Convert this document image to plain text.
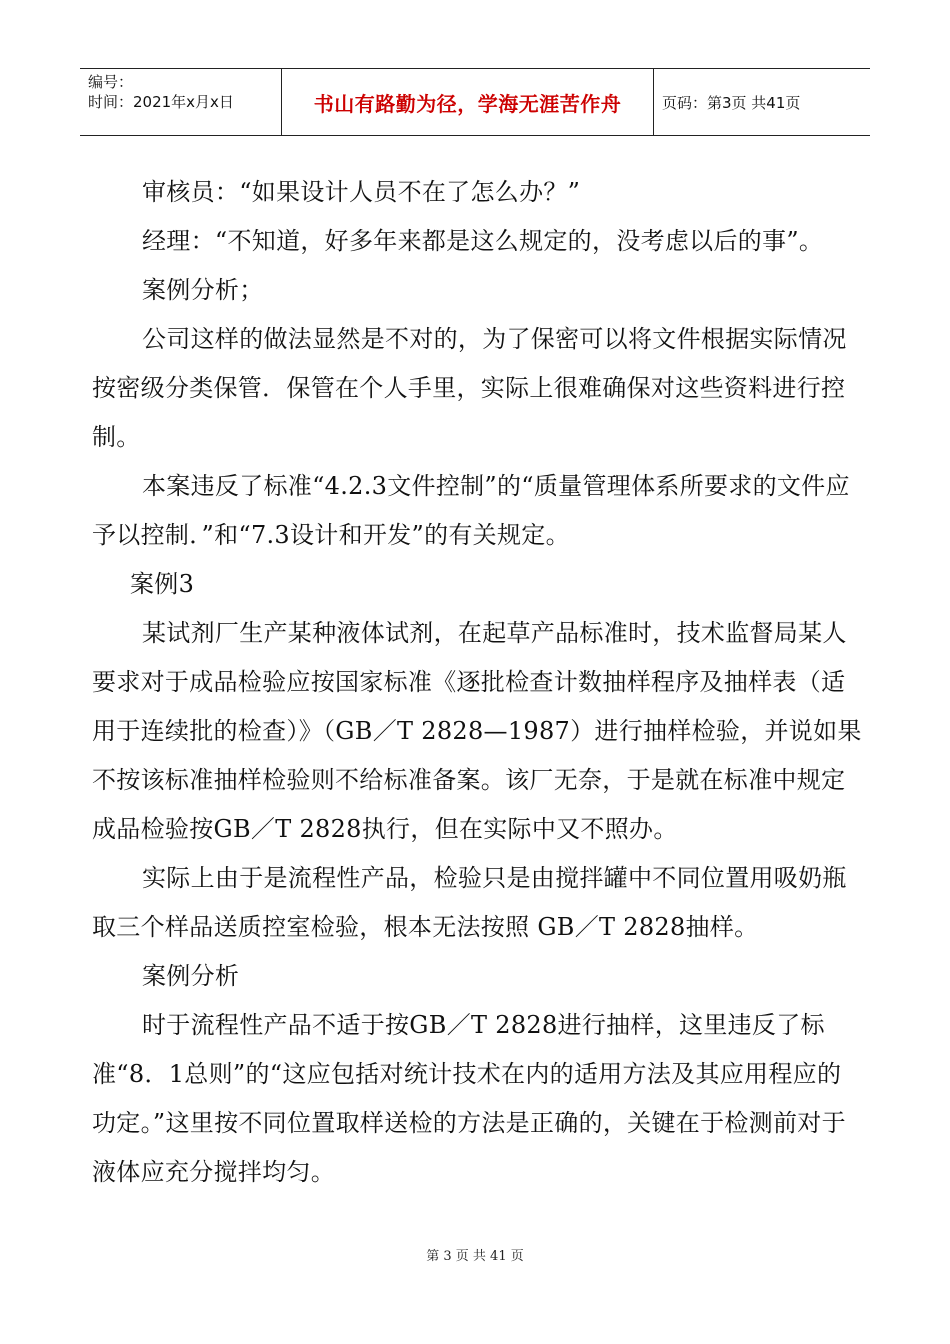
编号：
时间：2021年x月x日	书山有路勤为径，学海无涯苦作舟	页码：第3页 共41页

审核员：“如果设计人员不在了怎么办？”

经理：“不知道，好多年来都是这么规定的，没考虑以后的事”。

案例分析；

公司这样的做法显然是不对的，为了保密可以将文件根据实际情况按密级分类保管．保管在个人手里，实际上很难确保对这些资料进行控制。

本案违反了标准“4.2.3文件控制”的“质量管理体系所要求的文件应予以控制．”和“7.3设计和开发”的有关规定。

案例3

某试剂厂生产某种液体试剂，在起草产品标准时，技术监督局某人要求对于成品检验应按国家标准《逐批检查计数抽样程序及抽样表（适用于连续批的检查）》（GB／T 2828—1987）进行抽样检验，并说如果不按该标准抽样检验则不给标准备案。该厂无奈，于是就在标准中规定成品检验按GB／T 2828执行，但在实际中又不照办。

实际上由于是流程性产品，检验只是由搅拌罐中不同位置用吸奶瓶取三个样品送质控室检验，根本无法按照 GB／T 2828抽样。

案例分析

时于流程性产品不适于按GB／T 2828进行抽样，这里违反了标准“8．1总则”的“这应包括对统计技术在内的适用方法及其应用程应的功定。”这里按不同位置取样送检的方法是正确的，关键在于检测前对于液体应充分搅拌均匀。

第 3 页 共 41 页
